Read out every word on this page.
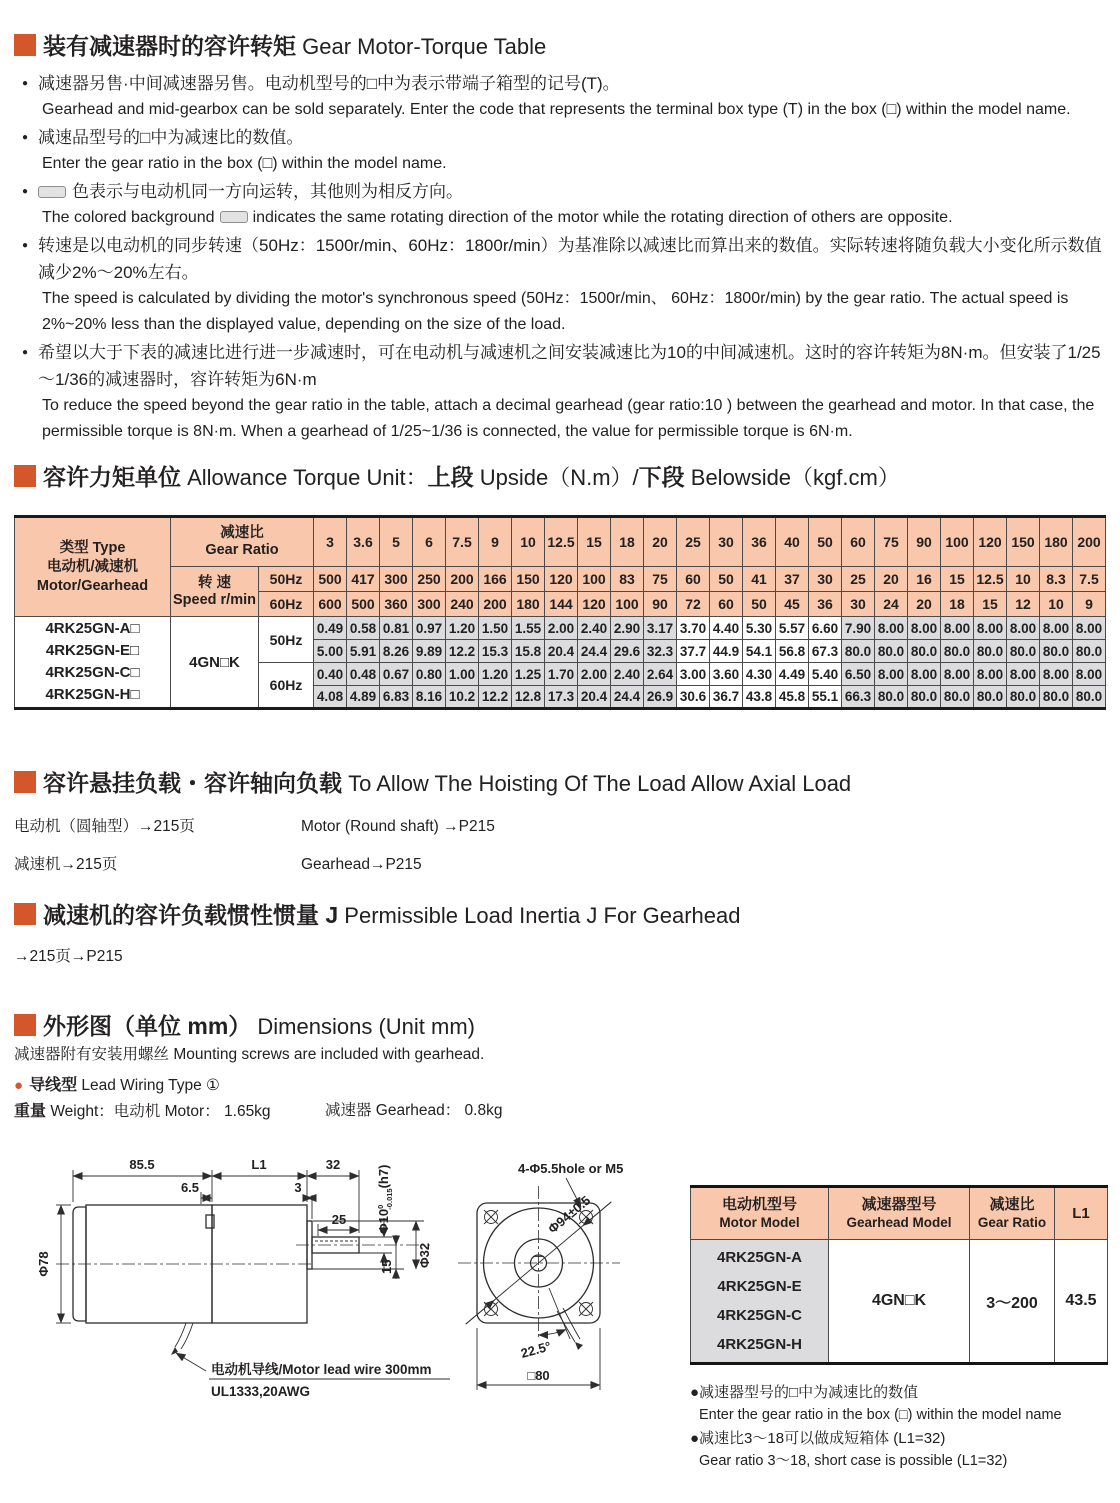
装有减速器时的容许转矩 Gear Motor-Torque Table
● 减速器另售·中间减速器另售。电动机型号的□中为表示带端子箱型的记号(T)。
Gearhead and mid-gearbox can be sold separately. Enter the code that represents the terminal box type (T) in the box (□) within the model name.
● 减速品型号的□中为减速比的数值。
Enter the gear ratio in the box (□) within the model name.
●	色表示与电动机同一方向运转，其他则为相反方向。
The colored background indicates the same rotating direction of the motor while the rotating direction of others are opposite.
● 转速是以电动机的同步转速（50Hz：1500r/min、60Hz：1800r/min）为基准除以减速比而算出来的数值。实际转速将随负载大小变化所示数值减少2%～20%左右。
The speed is calculated by dividing the motor's synchronous speed (50Hz：1500r/min、 60Hz：1800r/min) by the gear ratio. The actual speed is 2%~20% less than the displayed value, depending on the size of the load.
● 希望以大于下表的减速比进行进一步减速时，可在电动机与减速机之间安装减速比为10的中间减速机。这时的容许转矩为8N·m。但安装了1/25～1/36的减速器时，容许转矩为6N·m
To reduce the speed beyond the gear ratio in the table, attach a decimal gearhead (gear ratio:10 ) between the gearhead and motor. In that case, the permissible torque is 8N·m. When a gearhead of 1/25~1/36 is connected, the value for permissible torque is 6N·m.
容许力矩单位 Allowance Torque Unit：上段 Upside（N.m）/下段 Belowside（kgf.cm）
类型 Type
电动机/减速机
Motor/Gearhead	减速比
Gear Ratio		3	3.6	5	6	7.5	9	10	12.5	15	18	20	25	30	36	40	50	60	75	90	100	120	150	180	200
	转 速
Speed r/min	50Hz	500	417	300	250	200	166	150	120	100	83	75	60	50	41	37	30	25	20	16	15	12.5	10	8.3	7.5
		60Hz	600	500	360	300	240	200	180	144	120	100	90	72	60	50	45	36	30	24	20	18	15	12	10	9
4RK25GN-A□
4RK25GN-E□
4RK25GN-C□
4RK25GN-H□	4GN□K	50Hz	0.49	0.58	0.81	0.97	1.20	1.50	1.55	2.00	2.40	2.90	3.17	3.70	4.40	5.30	5.57	6.60	7.90	8.00	8.00	8.00	8.00	8.00	8.00	8.00
			5.00	5.91	8.26	9.89	12.2	15.3	15.8	20.4	24.4	29.6	32.3	37.7	44.9	54.1	56.8	67.3	80.0	80.0	80.0	80.0	80.0	80.0	80.0	80.0
		60Hz	0.40	0.48	0.67	0.80	1.00	1.20	1.25	1.70	2.00	2.40	2.64	3.00	3.60	4.30	4.49	5.40	6.50	8.00	8.00	8.00	8.00	8.00	8.00	8.00
			4.08	4.89	6.83	8.16	10.2	12.2	12.8	17.3	20.4	24.4	26.9	30.6	36.7	43.8	45.8	55.1	66.3	80.0	80.0	80.0	80.0	80.0	80.0	80.0
容许悬挂负载・容许轴向负载 To Allow The Hoisting Of The Load Allow Axial Load
电动机（圆轴型）→215页	Motor (Round shaft) →P215
减速机→215页	Gearhead→P215
减速机的容许负载惯性惯量 J Permissible Load Inertia J For Gearhead
→215页→P215
外形图（单位 mm） Dimensions (Unit mm)
减速器附有安装用螺丝 Mounting screws are included with gearhead.
● 导线型 Lead Wiring Type ①
重量 Weight：电动机 Motor： 1.65kg	减速器 Gearhead： 0.8kg
85.5	L1	32
6.5	3
25
Φ78
$\Phi 10^0-0.015(h7)$
15 Φ32
电动机导线/Motor lead wire 300mm
UL1333,20AWG
4-Φ5.5hole or M5
Φ94±0.5
22.5°
□80
电动机型号
Motor Model	减速器型号
Gearhead Model	减速比
Gear Ratio	L1
4RK25GN-A
4RK25GN-E
4RK25GN-C
4RK25GN-H	4GN□K	3～200	43.5
●减速器型号的□中为减速比的数值
Enter the gear ratio in the box (□) within the model name
●减速比3～18可以做成短箱体 (L1=32)
Gear ratio 3～18, short case is possible (L1=32)
